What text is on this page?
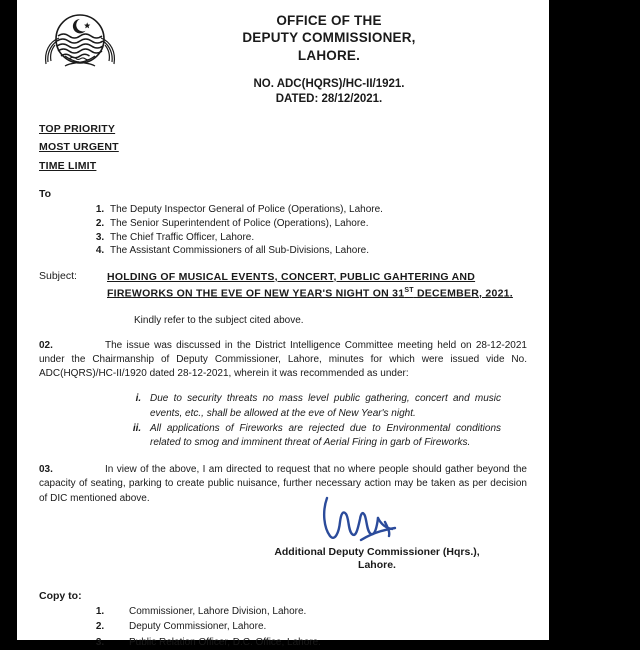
OFFICE OF THE
DEPUTY COMMISSIONER,
LAHORE.
NO. ADC(HQRS)/HC-II/1921.
DATED: 28/12/2021.
TOP PRIORITY
MOST URGENT
TIME LIMIT
To
1. The Deputy Inspector General of Police (Operations), Lahore.
2. The Senior Superintendent of Police (Operations), Lahore.
3. The Chief Traffic Officer, Lahore.
4. The Assistant Commissioners of all Sub-Divisions, Lahore.
Subject:	HOLDING OF MUSICAL EVENTS, CONCERT, PUBLIC GAHTERING AND FIREWORKS ON THE EVE OF NEW YEAR'S NIGHT ON 31ST DECEMBER, 2021.
Kindly refer to the subject cited above.
02.	The issue was discussed in the District Intelligence Committee meeting held on 28-12-2021 under the Chairmanship of Deputy Commissioner, Lahore, minutes for which were issued vide No. ADC(HQRS)/HC-II/1920 dated 28-12-2021, wherein it was recommended as under:
i. Due to security threats no mass level public gathering, concert and music events, etc., shall be allowed at the eve of New Year's night.
ii. All applications of Fireworks are rejected due to Environmental conditions related to smog and imminent threat of Aerial Firing in garb of Fireworks.
03.	In view of the above, I am directed to request that no where people should gather beyond the capacity of seating, parking to create public nuisance, further necessary action may be taken as per decision of DIC mentioned above.
Additional Deputy Commissioner (Hqrs.),
Lahore.
Copy to:
1. Commissioner, Lahore Division, Lahore.
2. Deputy Commissioner, Lahore.
3. Public Relation Officer, D.C. Office, Lahore.
